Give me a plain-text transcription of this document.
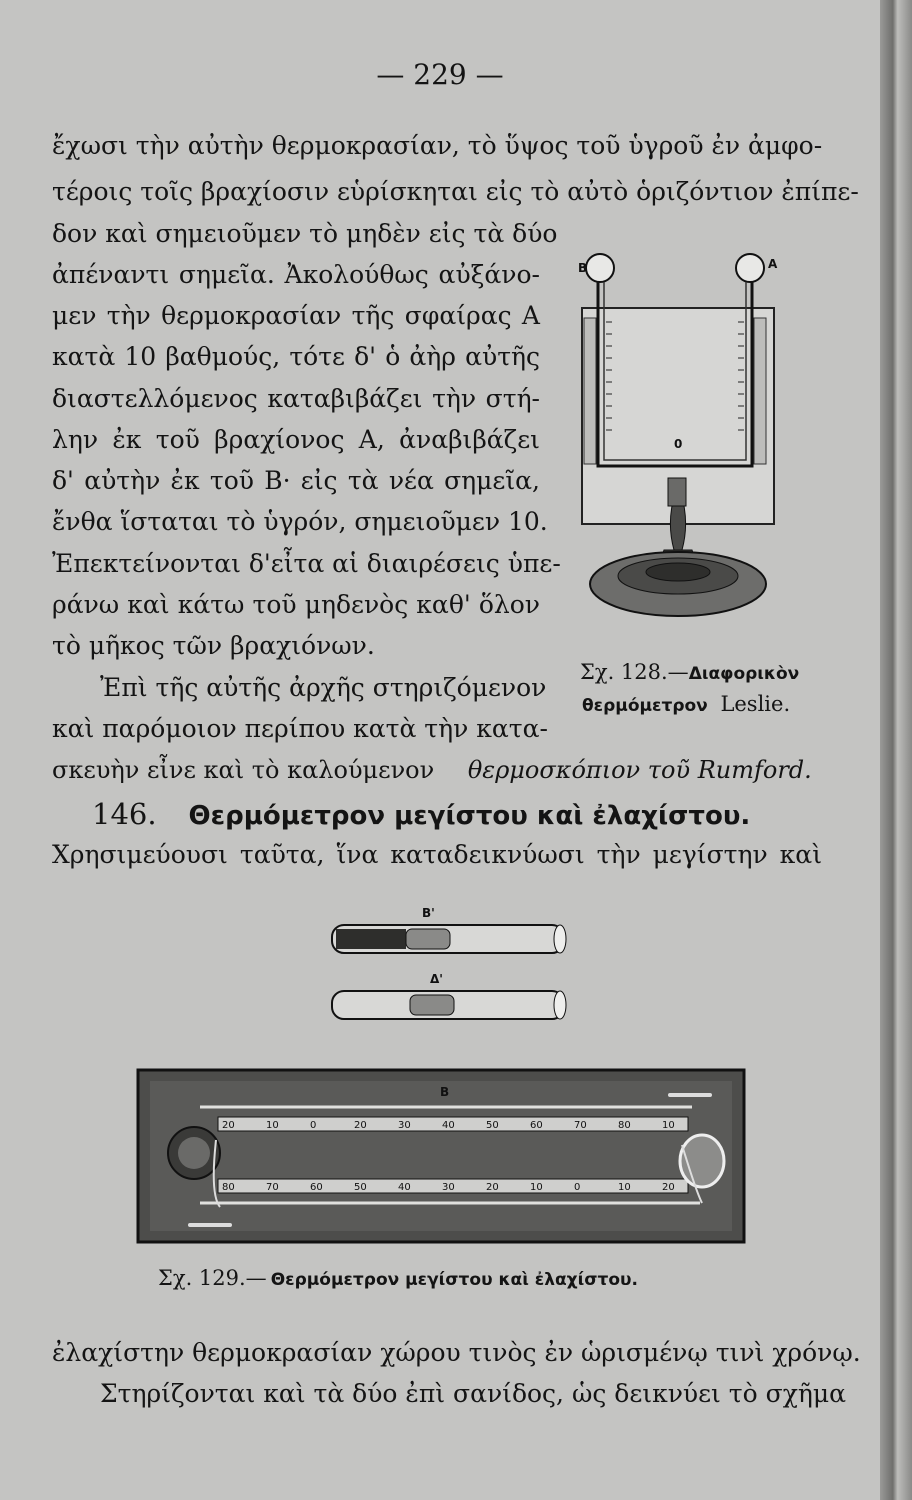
— 229 —
ἔχωσι τὴν αὐτὴν θερμοκρασίαν, τὸ ὕψος τοῦ ὑγροῦ ἐν ἀμφο-
τέροις τοῖς βραχίοσιν εὑρίσκηται εἰς τὸ αὐτὸ ὁριζόντιον ἐπίπε-
δον καὶ σημειοῦμεν τὸ μηδὲν εἰς τὰ δύο
ἀπέναντι σημεῖα. Ἀκολούθως αὐξάνο-
μεν τὴν θερμοκρασίαν τῆς σφαίρας Α
κατὰ 10 βαθμούς, τότε δ' ὁ ἀὴρ αὐτῆς
διαστελλόμενος καταβιβάζει τὴν στή-
λην ἐκ τοῦ βραχίονος Α, ἀναβιβάζει
δ' αὐτὴν ἐκ τοῦ Β· εἰς τὰ νέα σημεῖα,
ἔνθα ἵσταται τὸ ὑγρόν, σημειοῦμεν 10.
Ἐπεκτείνονται δ'εἶτα αἱ διαιρέσεις ὑπε-
ράνω καὶ κάτω τοῦ μηδενὸς καθ' ὅλον
τὸ μῆκος τῶν βραχιόνων.
Ἐπὶ τῆς αὐτῆς ἀρχῆς στηριζόμενον
καὶ παρόμοιον περίπου κατὰ τὴν κατα-
σκευὴν εἶνε καὶ τὸ καλούμενον θερμοσκόπιον τοῦ Rumford.
146. Θερμόμετρον μεγίστου καὶ ἐλαχίστου.
Χρησιμεύουσι ταῦτα, ἵνα καταδεικνύωσι τὴν μεγίστην καὶ
B	A
0
Σχ. 128.—Διαφορικὸν
θερμόμετρον Leslie.
B'
Δ'
B
20	10	0	20	30	40	50	60	70	80	10
80	70	60	50	40	30	20	10	0	10	20
Σχ. 129.— Θερμόμετρον μεγίστου καὶ ἐλαχίστου.
ἐλαχίστην θερμοκρασίαν χώρου τινὸς ἐν ὡρισμένῳ τινὶ χρόνῳ.
Στηρίζονται καὶ τὰ δύο ἐπὶ σανίδος, ὡς δεικνύει τὸ σχῆμα
